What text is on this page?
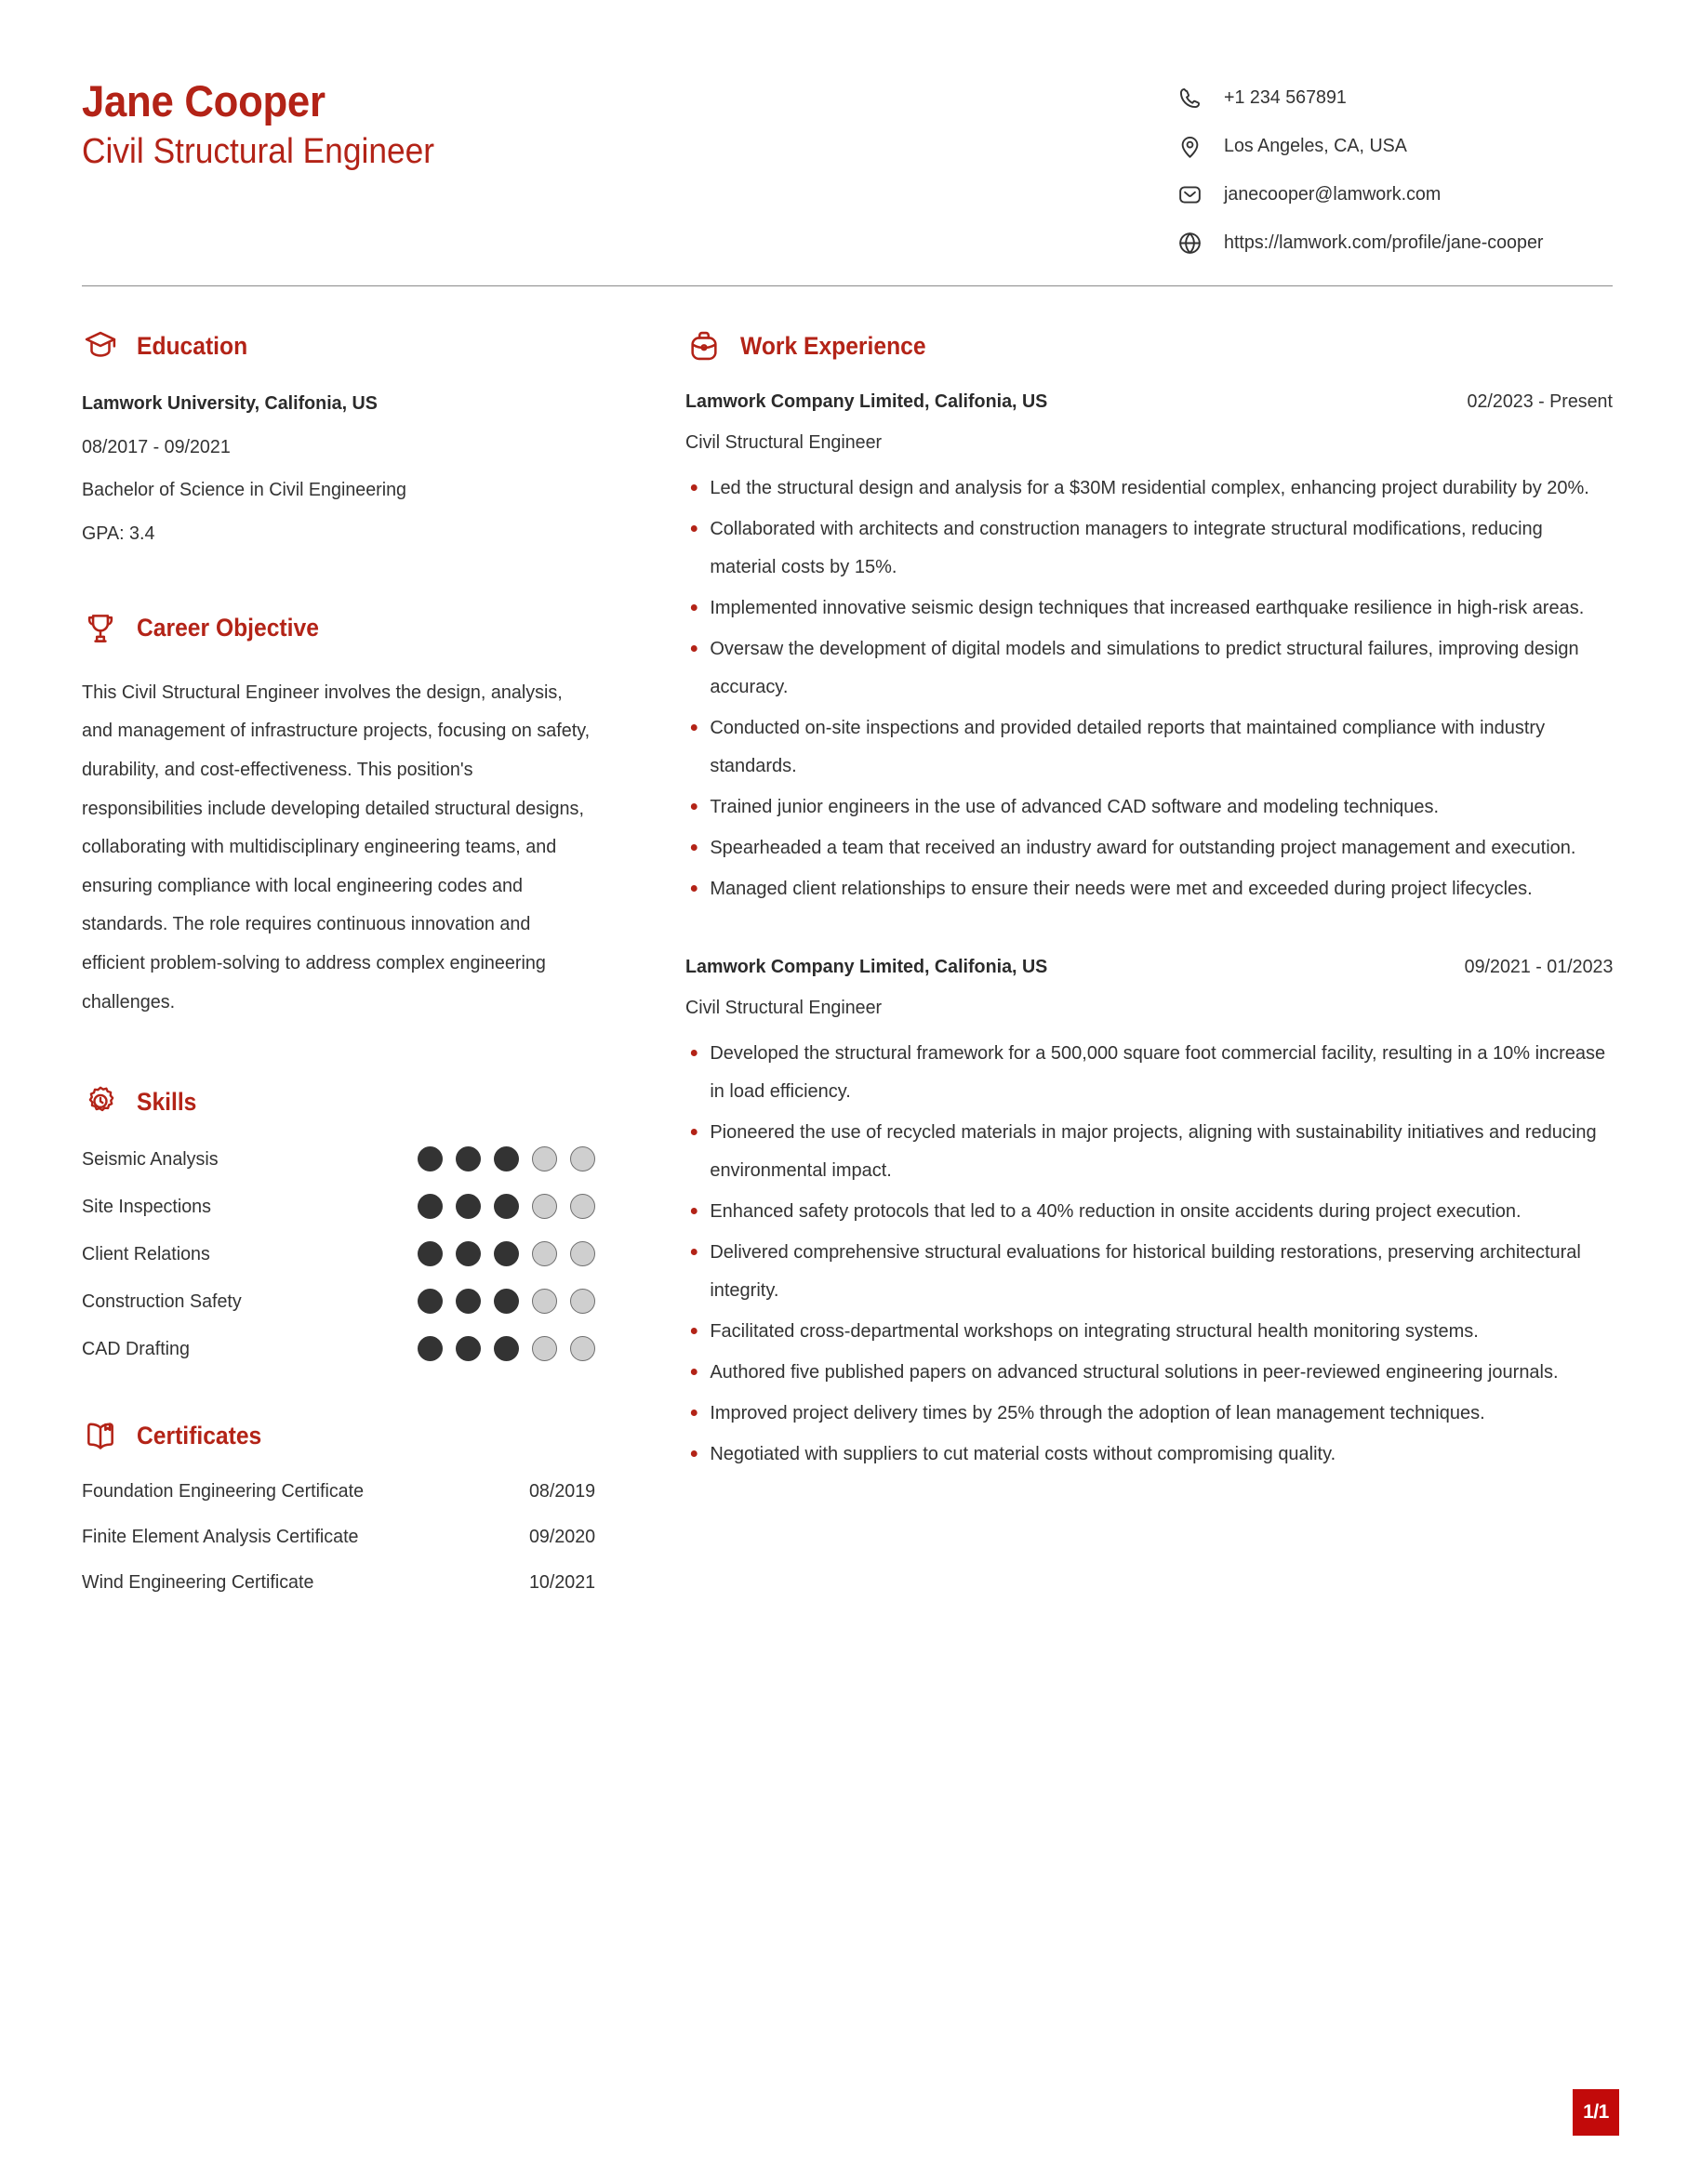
Jane Cooper
Civil Structural Engineer
+1 234 567891
Los Angeles, CA, USA
janecooper@lamwork.com
https://lamwork.com/profile/jane-cooper
Education
Lamwork University, Califonia, US
08/2017 - 09/2021
Bachelor of Science in Civil Engineering
GPA: 3.4
Career Objective
This Civil Structural Engineer involves the design, analysis, and management of infrastructure projects, focusing on safety, durability, and cost-effectiveness. This position's responsibilities include developing detailed structural designs, collaborating with multidisciplinary engineering teams, and ensuring compliance with local engineering codes and standards. The role requires continuous innovation and efficient problem-solving to address complex engineering challenges.
Skills
Seismic Analysis
Site Inspections
Client Relations
Construction Safety
CAD Drafting
Certificates
Foundation Engineering Certificate	08/2019
Finite Element Analysis Certificate	09/2020
Wind Engineering Certificate	10/2021
Work Experience
Lamwork Company Limited, Califonia, US	02/2023 - Present
Civil Structural Engineer
Led the structural design and analysis for a $30M residential complex, enhancing project durability by 20%.
Collaborated with architects and construction managers to integrate structural modifications, reducing material costs by 15%.
Implemented innovative seismic design techniques that increased earthquake resilience in high-risk areas.
Oversaw the development of digital models and simulations to predict structural failures, improving design accuracy.
Conducted on-site inspections and provided detailed reports that maintained compliance with industry standards.
Trained junior engineers in the use of advanced CAD software and modeling techniques.
Spearheaded a team that received an industry award for outstanding project management and execution.
Managed client relationships to ensure their needs were met and exceeded during project lifecycles.
Lamwork Company Limited, Califonia, US	09/2021 - 01/2023
Civil Structural Engineer
Developed the structural framework for a 500,000 square foot commercial facility, resulting in a 10% increase in load efficiency.
Pioneered the use of recycled materials in major projects, aligning with sustainability initiatives and reducing environmental impact.
Enhanced safety protocols that led to a 40% reduction in onsite accidents during project execution.
Delivered comprehensive structural evaluations for historical building restorations, preserving architectural integrity.
Facilitated cross-departmental workshops on integrating structural health monitoring systems.
Authored five published papers on advanced structural solutions in peer-reviewed engineering journals.
Improved project delivery times by 25% through the adoption of lean management techniques.
Negotiated with suppliers to cut material costs without compromising quality.
1/1
